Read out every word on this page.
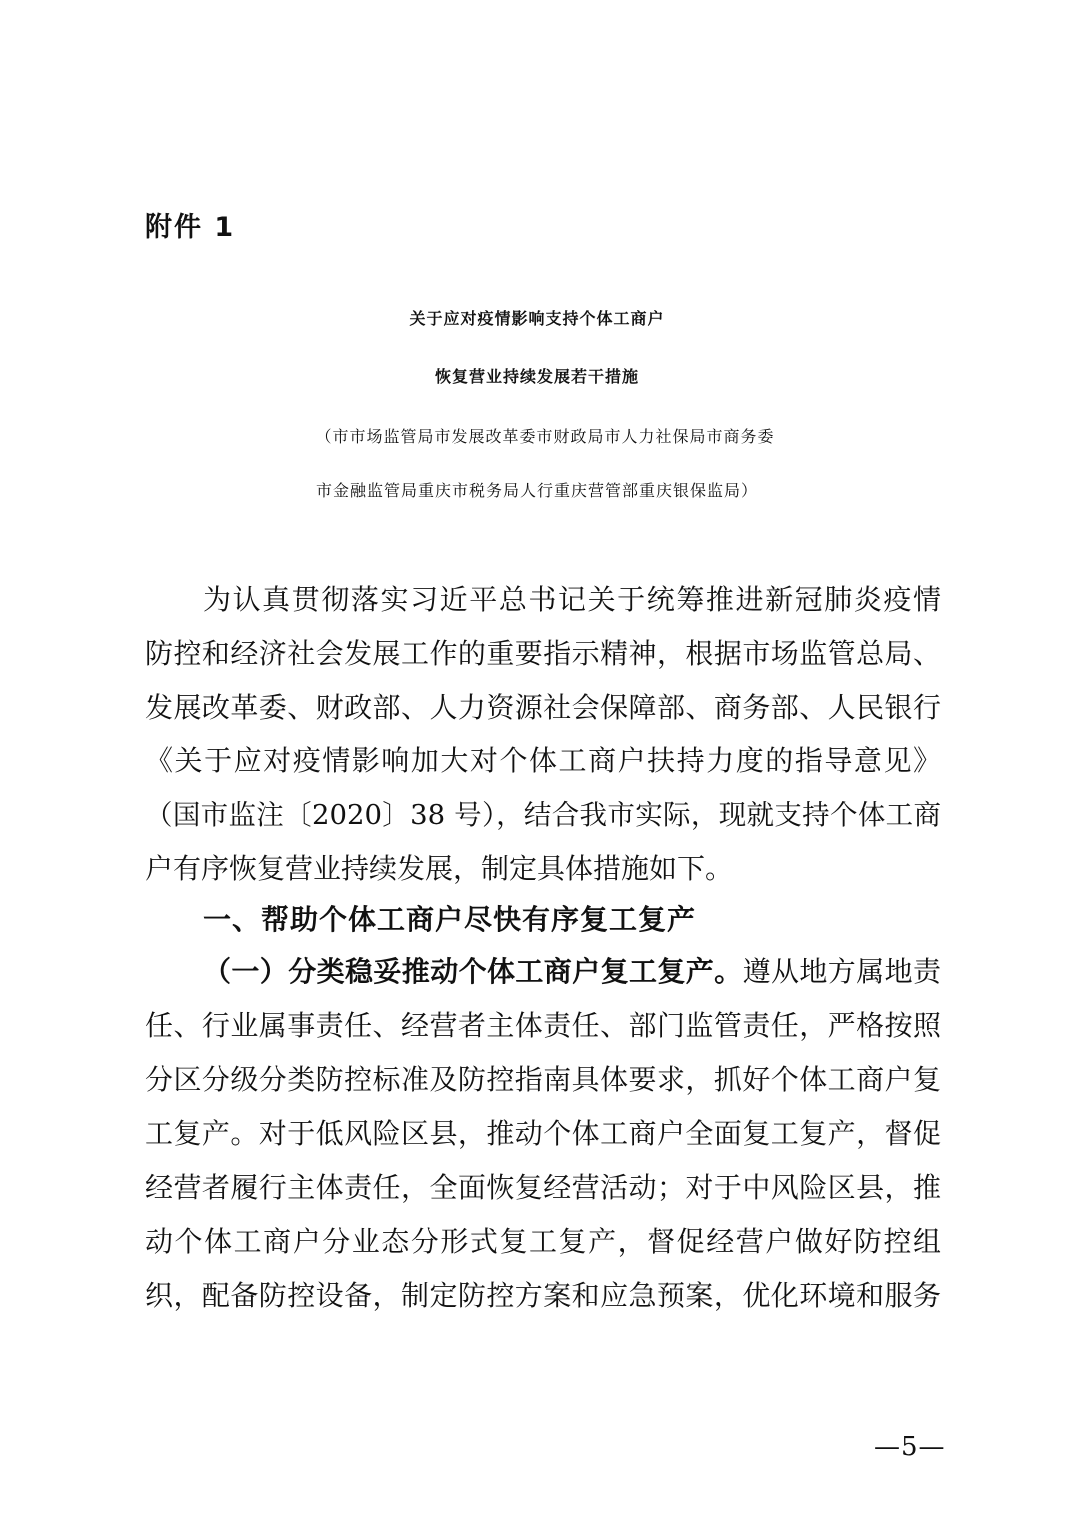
附件 1
关于应对疫情影响支持个体工商户
恢复营业持续发展若干措施
（市市场监管局市发展改革委市财政局市人力社保局市商务委
市金融监管局重庆市税务局人行重庆营管部重庆银保监局）
为认真贯彻落实习近平总书记关于统筹推进新冠肺炎疫情
防控和经济社会发展工作的重要指示精神，根据市场监管总局、
发展改革委、财政部、人力资源社会保障部、商务部、人民银行
《关于应对疫情影响加大对个体工商户扶持力度的指导意见》
（国市监注〔2020〕38 号），结合我市实际，现就支持个体工商
户有序恢复营业持续发展，制定具体措施如下。
一、帮助个体工商户尽快有序复工复产
（一）分类稳妥推动个体工商户复工复产。遵从地方属地责
任、行业属事责任、经营者主体责任、部门监管责任，严格按照
分区分级分类防控标准及防控指南具体要求，抓好个体工商户复
工复产。对于低风险区县，推动个体工商户全面复工复产，督促
经营者履行主体责任，全面恢复经营活动；对于中风险区县，推
动个体工商户分业态分形式复工复产，督促经营户做好防控组
织，配备防控设备，制定防控方案和应急预案，优化环境和服务
—5—
